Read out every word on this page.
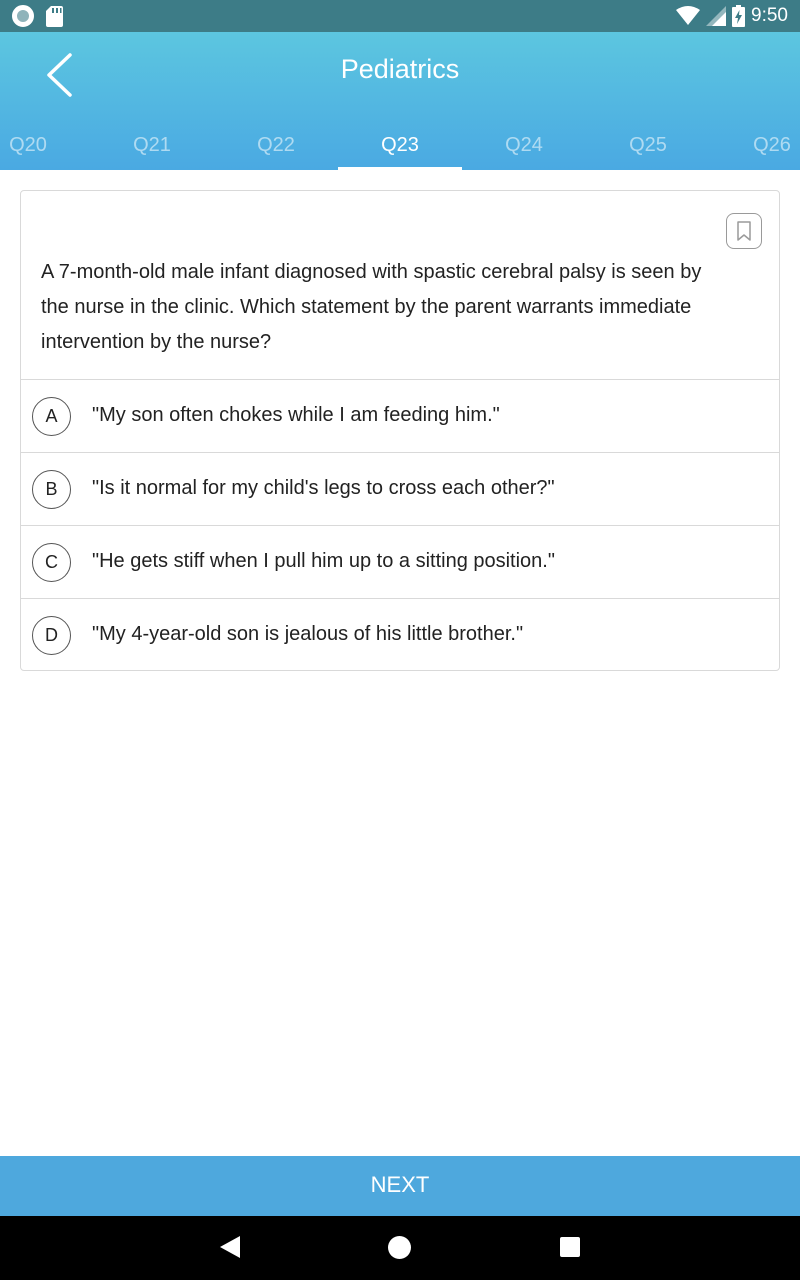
9:50
Pediatrics
Q20	Q21	Q22	Q23	Q24	Q25	Q26
A 7-month-old male infant diagnosed with spastic cerebral palsy is seen by the nurse in the clinic. Which statement by the parent warrants immediate intervention by the nurse?
A	"My son often chokes while I am feeding him."
B	"Is it normal for my child's legs to cross each other?"
C	"He gets stiff when I pull him up to a sitting position."
D	"My 4-year-old son is jealous of his little brother."
NEXT
